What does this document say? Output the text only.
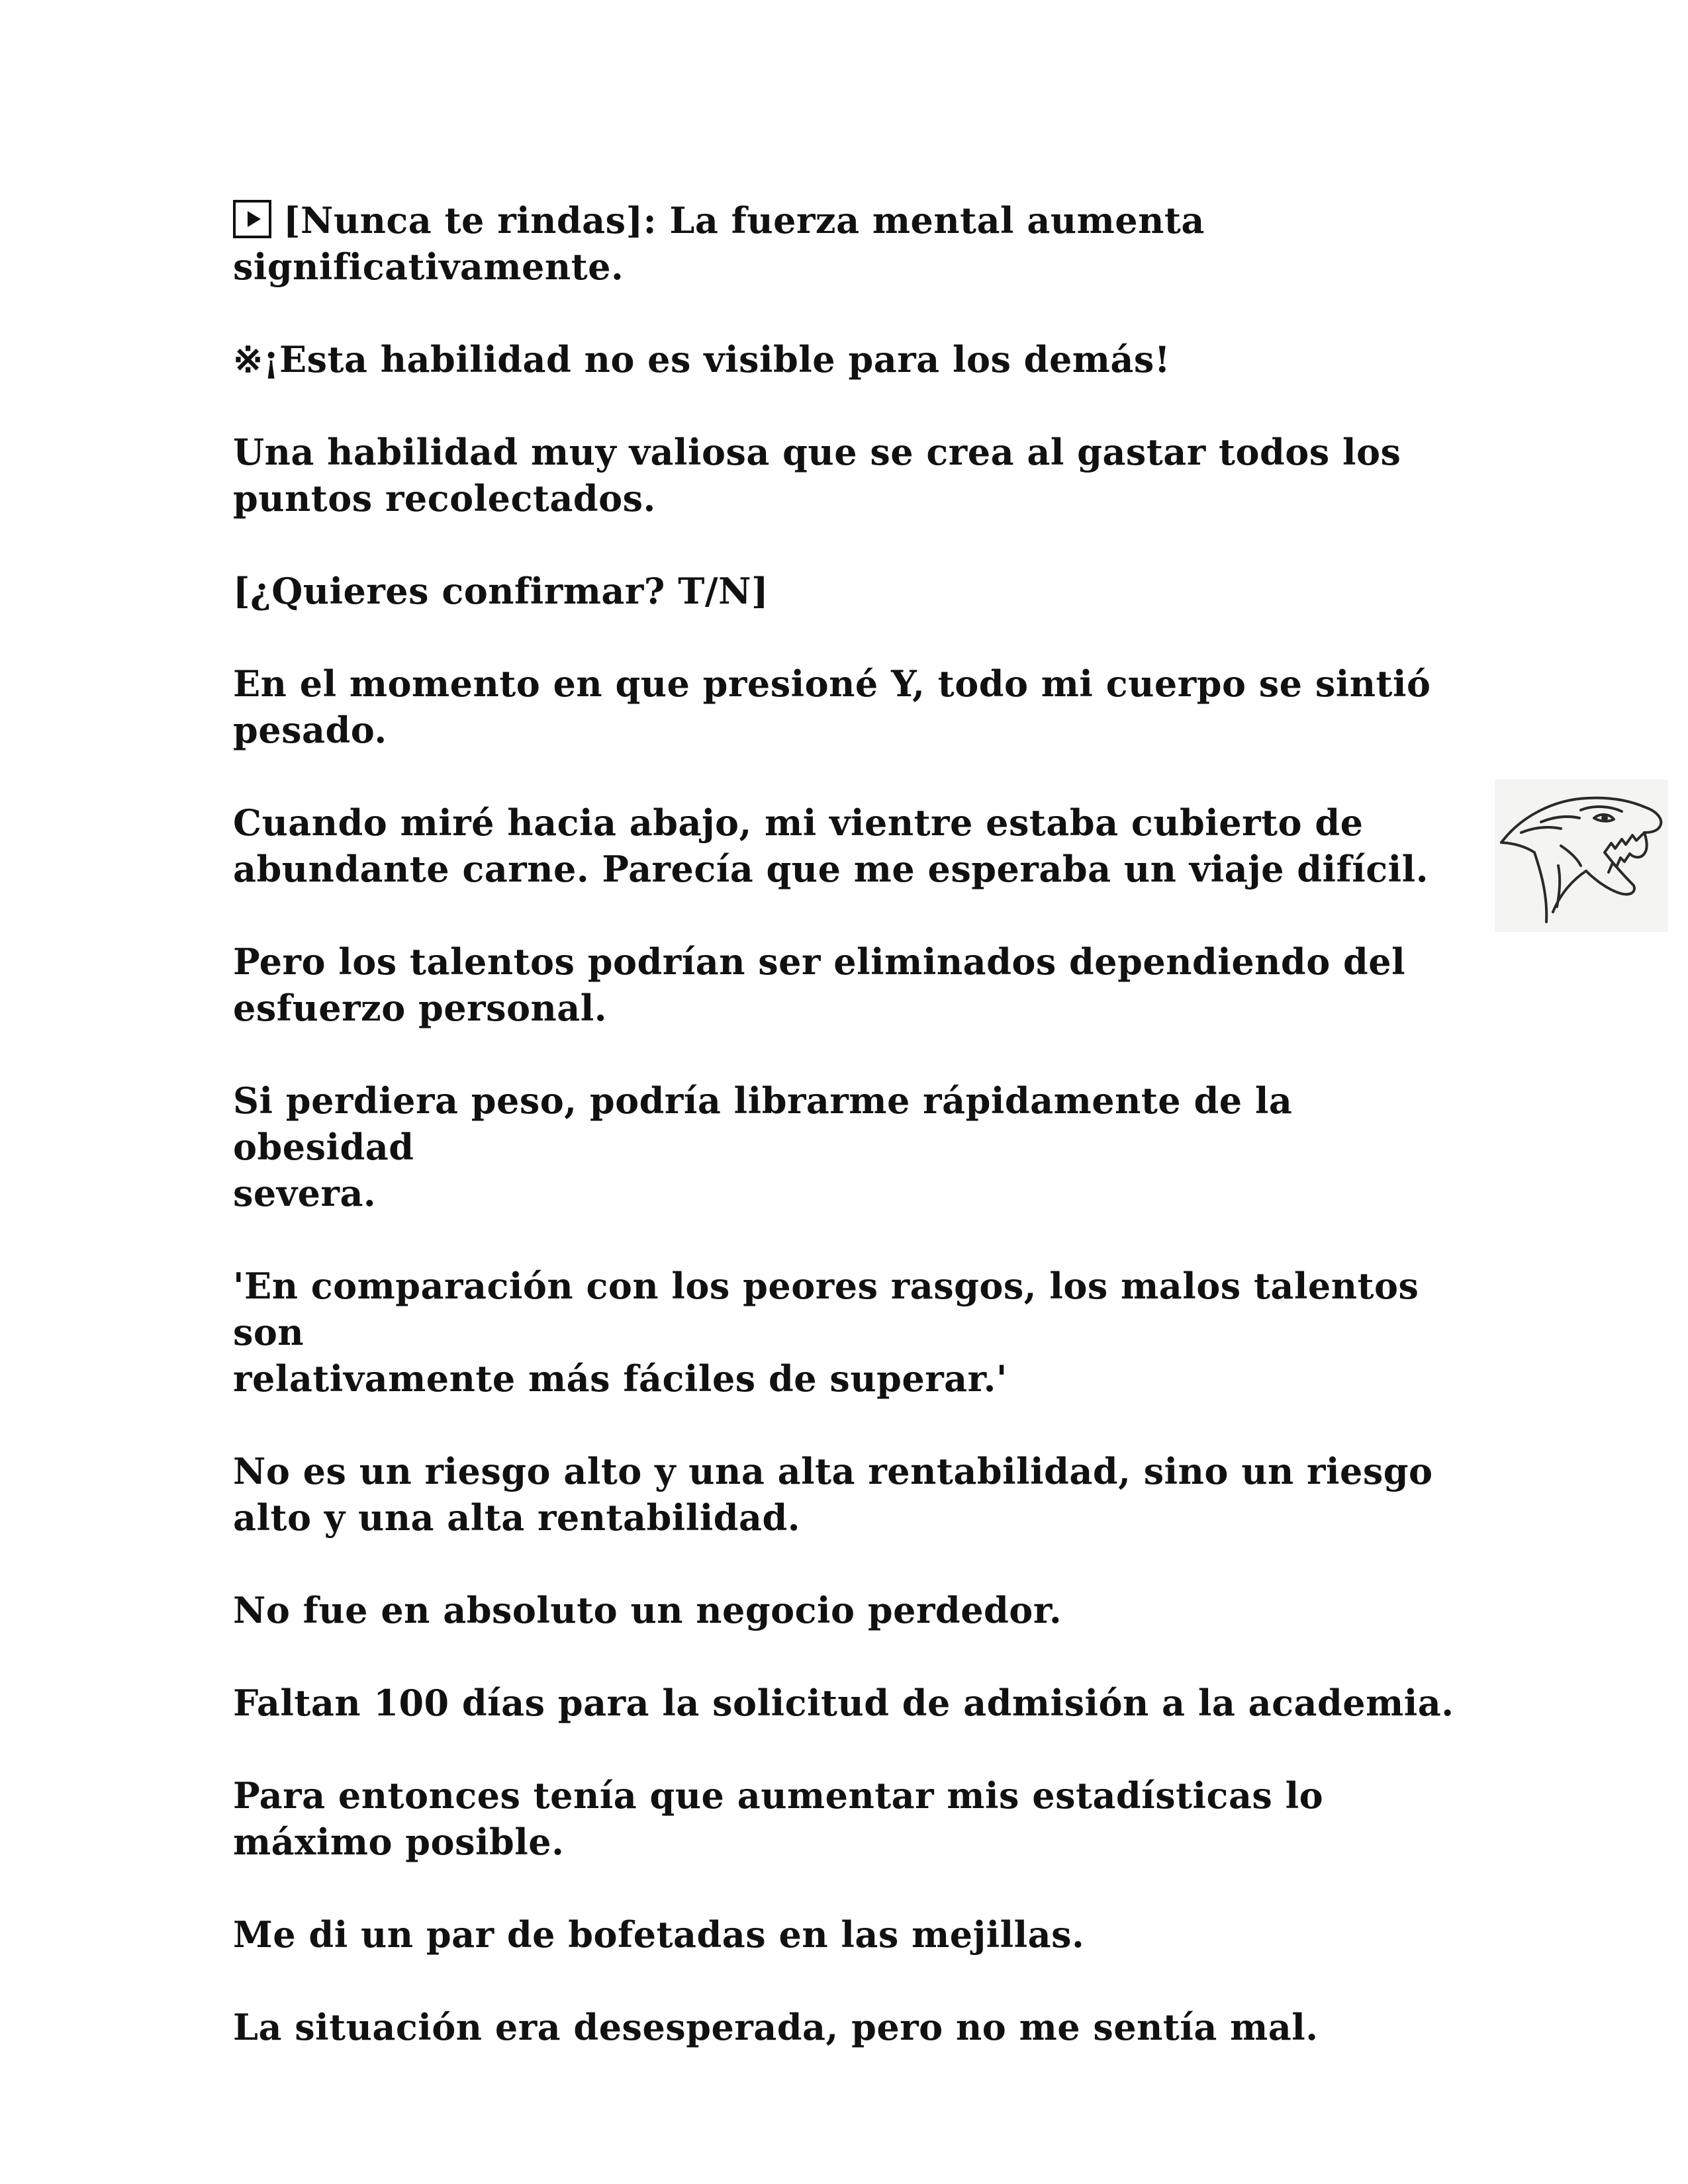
[Nunca te rindas]: La fuerza mental aumenta
significativamente.

※¡Esta habilidad no es visible para los demás!

Una habilidad muy valiosa que se crea al gastar todos los
puntos recolectados.

[¿Quieres confirmar? T/N]

En el momento en que presioné Y, todo mi cuerpo se sintió
pesado.

Cuando miré hacia abajo, mi vientre estaba cubierto de
abundante carne. Parecía que me esperaba un viaje difícil.

Pero los talentos podrían ser eliminados dependiendo del
esfuerzo personal.

Si perdiera peso, podría librarme rápidamente de la obesidad
severa.

'En comparación con los peores rasgos, los malos talentos son
relativamente más fáciles de superar.'

No es un riesgo alto y una alta rentabilidad, sino un riesgo
alto y una alta rentabilidad.

No fue en absoluto un negocio perdedor.

Faltan 100 días para la solicitud de admisión a la academia.

Para entonces tenía que aumentar mis estadísticas lo
máximo posible.

Me di un par de bofetadas en las mejillas.

La situación era desesperada, pero no me sentía mal.
